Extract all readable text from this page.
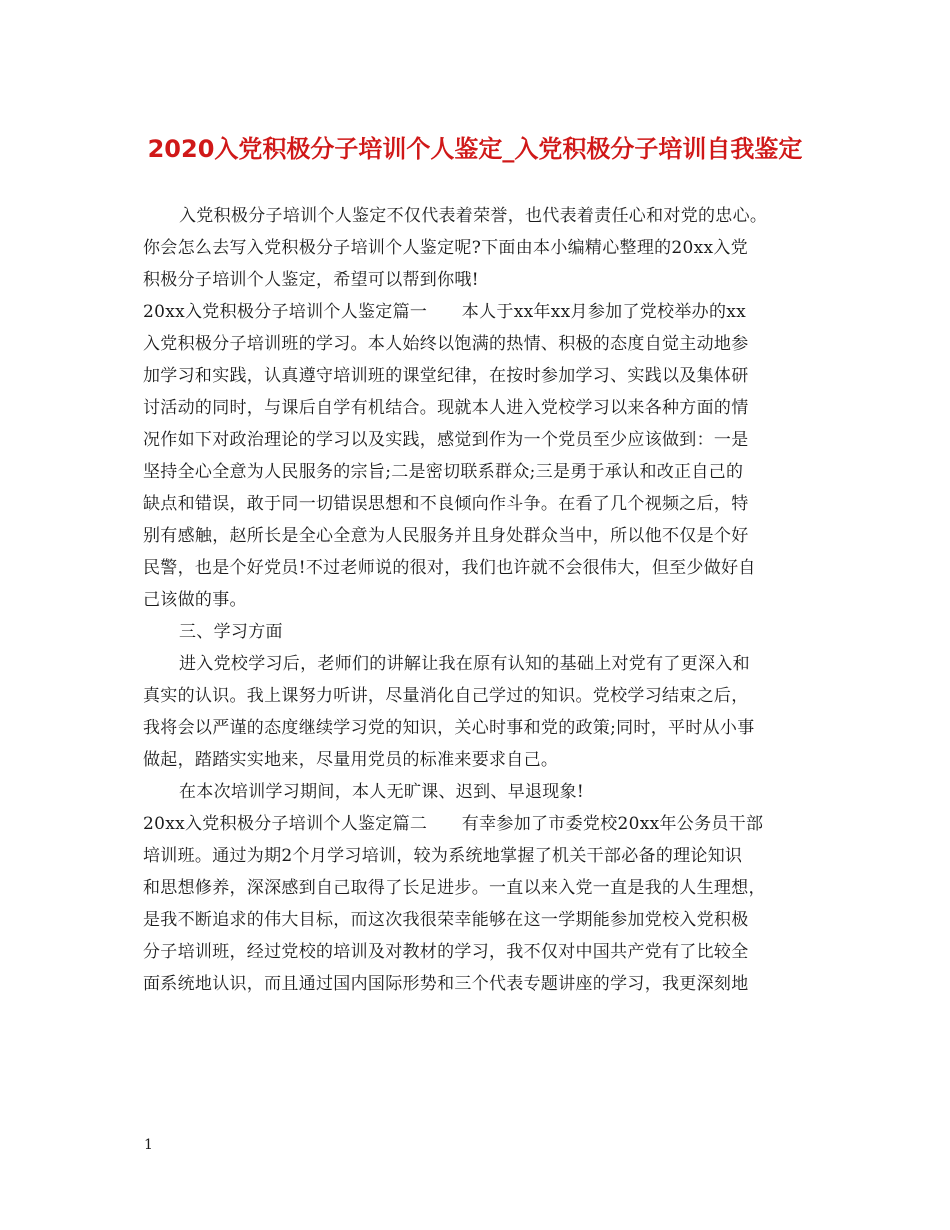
2020入党积极分子培训个人鉴定_入党积极分子培训自我鉴定
入党积极分子培训个人鉴定不仅代表着荣誉，也代表着责任心和对党的忠心。
你会怎么去写入党积极分子培训个人鉴定呢?下面由本小编精心整理的20xx入党
积极分子培训个人鉴定，希望可以帮到你哦!
20xx入党积极分子培训个人鉴定篇一　　本人于xx年xx月参加了党校举办的xx
入党积极分子培训班的学习。本人始终以饱满的热情、积极的态度自觉主动地参
加学习和实践，认真遵守培训班的课堂纪律，在按时参加学习、实践以及集体研
讨活动的同时，与课后自学有机结合。现就本人进入党校学习以来各种方面的情
况作如下对政治理论的学习以及实践，感觉到作为一个党员至少应该做到：一是
坚持全心全意为人民服务的宗旨;二是密切联系群众;三是勇于承认和改正自己的
缺点和错误，敢于同一切错误思想和不良倾向作斗争。在看了几个视频之后，特
别有感触，赵所长是全心全意为人民服务并且身处群众当中，所以他不仅是个好
民警，也是个好党员!不过老师说的很对，我们也许就不会很伟大，但至少做好自
己该做的事。
三、学习方面
进入党校学习后，老师们的讲解让我在原有认知的基础上对党有了更深入和
真实的认识。我上课努力听讲，尽量消化自己学过的知识。党校学习结束之后，
我将会以严谨的态度继续学习党的知识，关心时事和党的政策;同时，平时从小事
做起，踏踏实实地来，尽量用党员的标准来要求自己。
在本次培训学习期间，本人无旷课、迟到、早退现象!
20xx入党积极分子培训个人鉴定篇二　　有幸参加了市委党校20xx年公务员干部
培训班。通过为期2个月学习培训，较为系统地掌握了机关干部必备的理论知识
和思想修养，深深感到自己取得了长足进步。一直以来入党一直是我的人生理想，
是我不断追求的伟大目标，而这次我很荣幸能够在这一学期能参加党校入党积极
分子培训班，经过党校的培训及对教材的学习，我不仅对中国共产党有了比较全
面系统地认识，而且通过国内国际形势和三个代表专题讲座的学习，我更深刻地
1
